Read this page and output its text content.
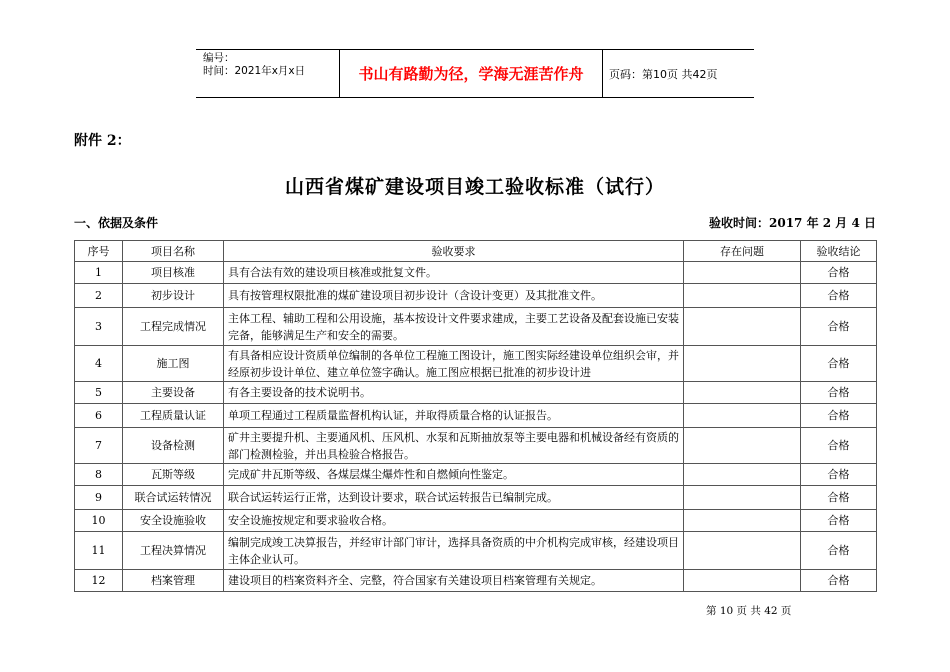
编号：
时间：2021年x月x日	书山有路勤为径，学海无涯苦作舟	页码：第10页 共42页
附件 2：
山西省煤矿建设项目竣工验收标准（试行）
一、依据及条件	验收时间：2017 年 2 月 4 日
序号	项目名称	验收要求	存在问题	验收结论
1	项目核准	具有合法有效的建设项目核准或批复文件。		合格
2	初步设计	具有按管理权限批准的煤矿建设项目初步设计（含设计变更）及其批准文件。		合格
3	工程完成情况	主体工程、辅助工程和公用设施，基本按设计文件要求建成，主要工艺设备及配套设施已安装完备，能够满足生产和安全的需要。		合格
4	施工图	有具备相应设计资质单位编制的各单位工程施工图设计，施工图实际经建设单位组织会审，并经原初步设计单位、建立单位签字确认。施工图应根据已批准的初步设计进		合格
5	主要设备	有各主要设备的技术说明书。		合格
6	工程质量认证	单项工程通过工程质量监督机构认证，并取得质量合格的认证报告。		合格
7	设备检测	矿井主要提升机、主要通风机、压风机、水泵和瓦斯抽放泵等主要电器和机械设备经有资质的部门检测检验，并出具检验合格报告。		合格
8	瓦斯等级	完成矿井瓦斯等级、各煤层煤尘爆炸性和自燃倾向性鉴定。		合格
9	联合试运转情况	联合试运转运行正常，达到设计要求，联合试运转报告已编制完成。		合格
10	安全设施验收	安全设施按规定和要求验收合格。		合格
11	工程决算情况	编制完成竣工决算报告，并经审计部门审计，选择具备资质的中介机构完成审核，经建设项目主体企业认可。		合格
12	档案管理	建设项目的档案资料齐全、完整，符合国家有关建设项目档案管理有关规定。		合格
第 10 页 共 42 页
